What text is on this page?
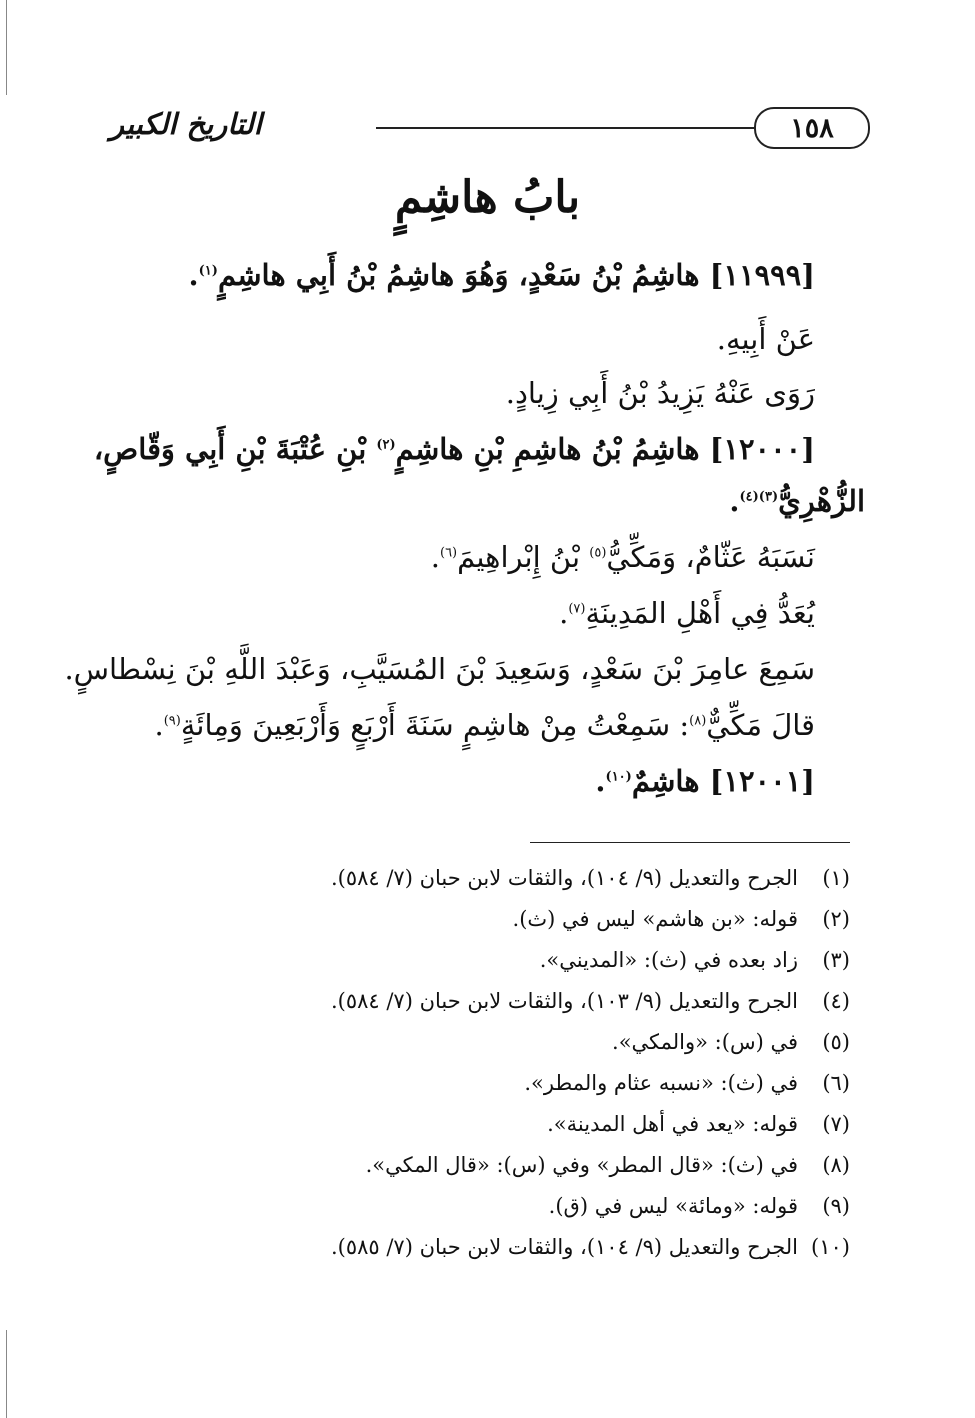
١٥٨
التاريخ الكبير
بابُ هاشِمٍ
[١١٩٩٩] هاشِمُ بْنُ سَعْدٍ، وَهُوَ هاشِمُ بْنُ أَبِي هاشِمٍ$^{(١)}$.
عَنْ أَبِيهِ.
رَوَى عَنْهُ يَزِيدُ بْنُ أَبِي زِيادٍ.
[١٢٠٠٠] هاشِمُ بْنُ هاشِمِ بْنِ هاشِمٍ$^{(٢)}$ بْنِ عُتْبَةَ بْنِ أَبِي وَقّاصٍ،
الزُّهْرِيُّ$^{(٣)(٤)}$.
نَسَبَهُ عَثّامٌ، وَمَكِّيُّ$^{(٥)}$ بْنُ إِبْراهِيمَ$^{(٦)}$.
يُعَدُّ فِي أَهْلِ المَدِينَةِ$^{(٧)}$.
سَمِعَ عامِرَ بْنَ سَعْدٍ، وَسَعِيدَ بْنَ المُسَيَّبِ، وَعَبْدَ اللَّهِ بْنَ نِسْطاسٍ.
قالَ مَكِّيٌّ$^{(٨)}$: سَمِعْتُ مِنْ هاشِمٍ سَنَةَ أَرْبَعٍ وَأَرْبَعِينَ وَمِائَةٍ$^{(٩)}$.
[١٢٠٠١] هاشِمٌ$^{(١٠)}$.
(١)
الجرح والتعديل (٩/ ١٠٤)، والثقات لابن حبان (٧/ ٥٨٤).
(٢)
قوله: «بن هاشم» ليس في (ث).
(٣)
زاد بعده في (ث): «المديني».
(٤)
الجرح والتعديل (٩/ ١٠٣)، والثقات لابن حبان (٧/ ٥٨٤).
(٥)
في (س): «والمكي».
(٦)
في (ث): «نسبه عثام والمطر».
(٧)
قوله: «يعد في أهل المدينة».
(٨)
في (ث): «قال المطر» وفي (س): «قال المكي».
(٩)
قوله: «ومائة» ليس في (ق).
(١٠)
الجرح والتعديل (٩/ ١٠٤)، والثقات لابن حبان (٧/ ٥٨٥).
